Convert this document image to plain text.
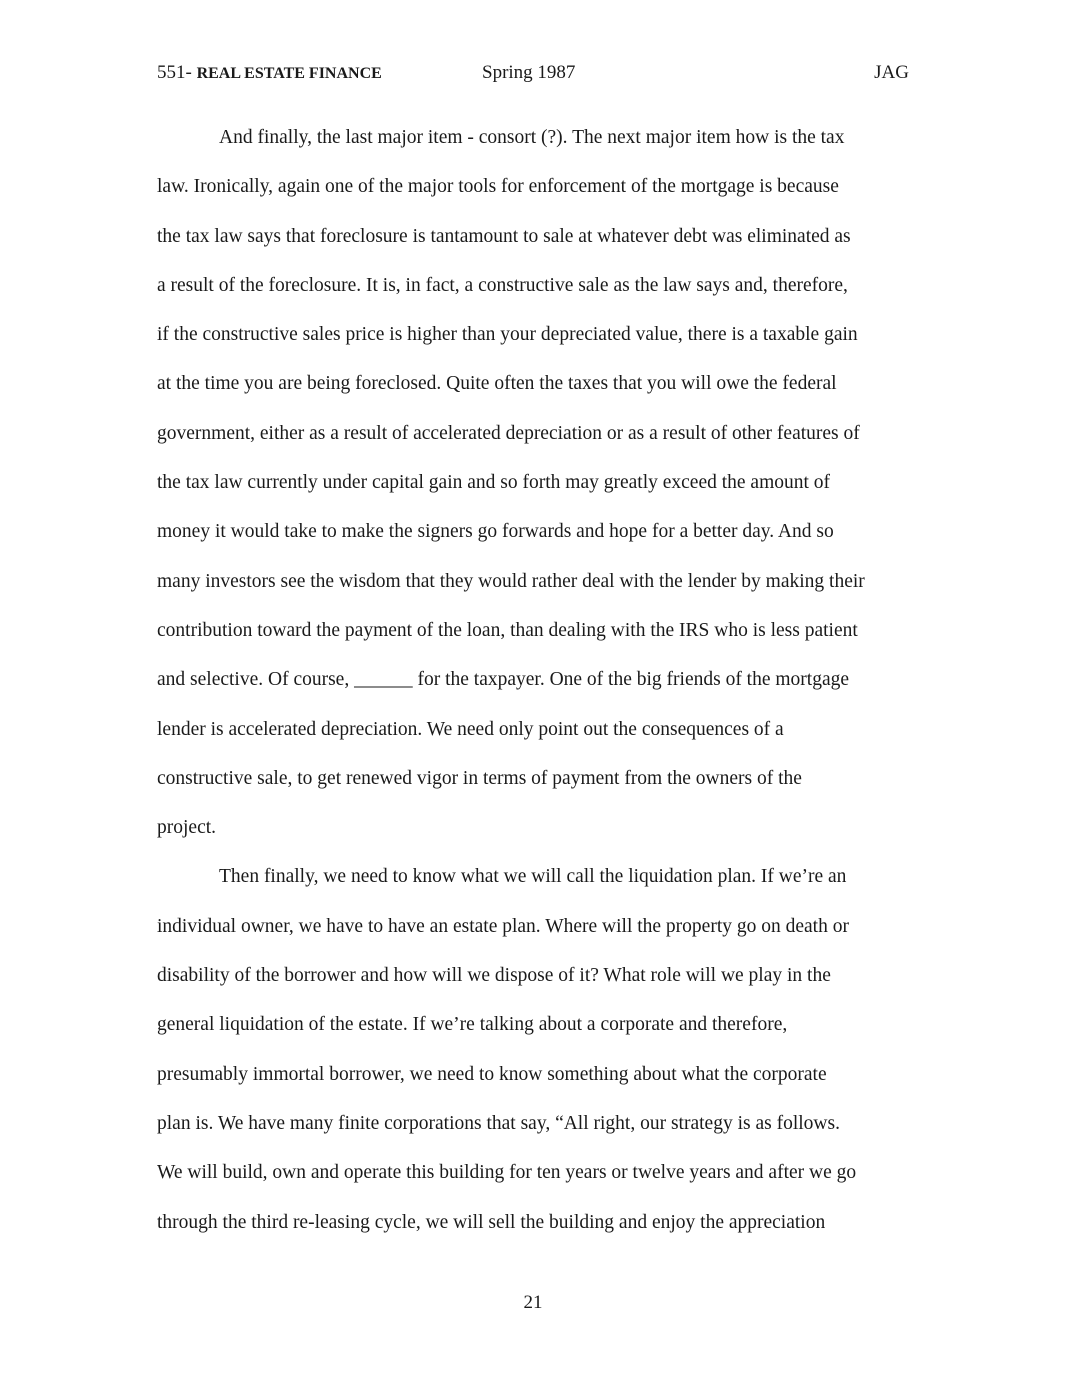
551- REAL ESTATE FINANCE	Spring 1987	JAG

And finally, the last major item - consort (?). The next major item how is the tax

law. Ironically, again one of the major tools for enforcement of the mortgage is because
the tax law says that foreclosure is tantamount to sale at whatever debt was eliminated as
a result of the foreclosure. It is, in fact, a constructive sale as the law says and, therefore,
if the constructive sales price is higher than your depreciated value, there is a taxable gain
at the time you are being foreclosed. Quite often the taxes that you will owe the federal
government, either as a result of accelerated depreciation or as a result of other features of
the tax law currently under capital gain and so forth may greatly exceed the amount of
money it would take to make the signers go forwards and hope for a better day. And so
many investors see the wisdom that they would rather deal with the lender by making their
contribution toward the payment of the loan, than dealing with the IRS who is less patient
and selective. Of course, ______ for the taxpayer. One of the big friends of the mortgage
lender is accelerated depreciation. We need only point out the consequences of a
constructive sale, to get renewed vigor in terms of payment from the owners of the
project.

Then finally, we need to know what we will call the liquidation plan. If we’re an

individual owner, we have to have an estate plan. Where will the property go on death or
disability of the borrower and how will we dispose of it? What role will we play in the
general liquidation of the estate. If we’re talking about a corporate and therefore,
presumably immortal borrower, we need to know something about what the corporate
plan is. We have many finite corporations that say, “All right, our strategy is as follows.
We will build, own and operate this building for ten years or twelve years and after we go
through the third re-leasing cycle, we will sell the building and enjoy the appreciation
21
